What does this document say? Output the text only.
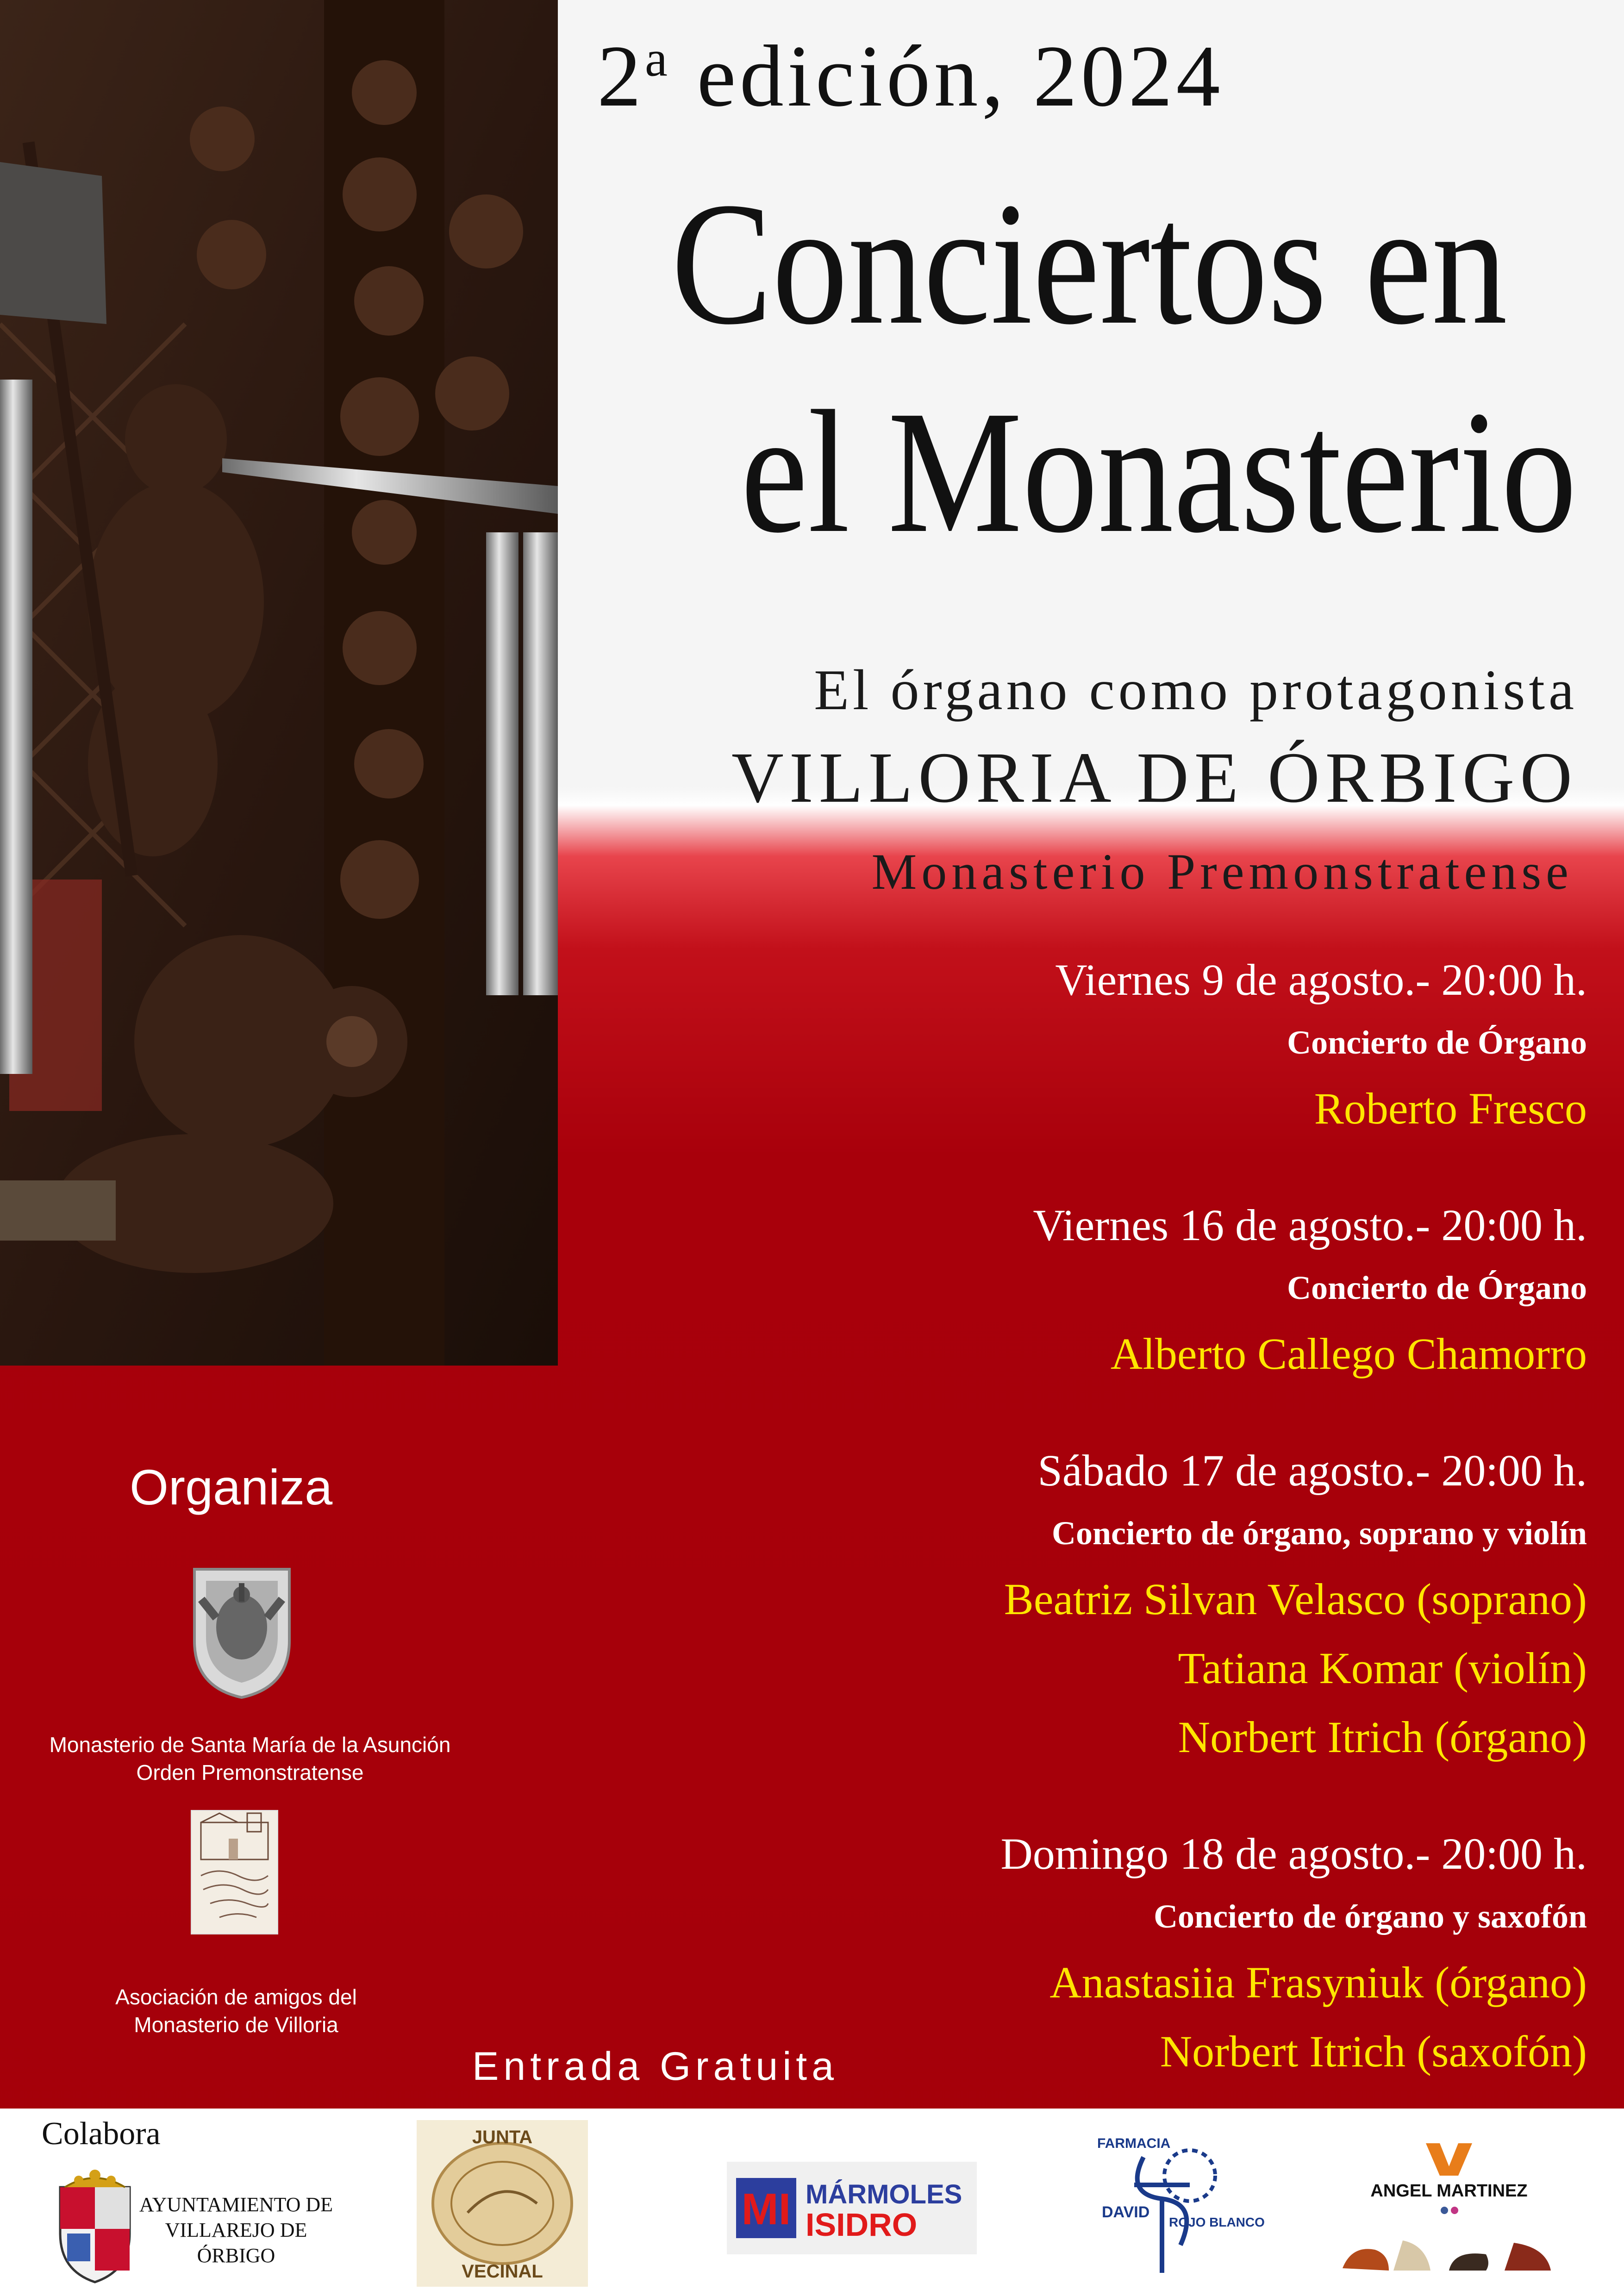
2$^a$ edición, 2024
Conciertos en
el Monasterio
El órgano como protagonista
VILLORIA DE ÓRBIGO
Monasterio Premonstratense
Viernes 9 de agosto.- 20:00 h.
Concierto de Órgano
Roberto Fresco
Viernes 16 de agosto.- 20:00 h.
Concierto de Órgano
Alberto Callego Chamorro
Sábado 17 de agosto.- 20:00 h.
Concierto de órgano, soprano y violín
Beatriz Silvan Velasco (soprano)
Tatiana Komar (violín)
Norbert Itrich (órgano)
Domingo 18 de agosto.- 20:00 h.
Concierto de órgano y saxofón
Anastasiia Frasyniuk (órgano)
Norbert Itrich (saxofón)
Organiza
Monasterio de Santa María de la Asunción
Orden Premonstratense
Asociación de amigos del
Monasterio de Villoria
Entrada Gratuita
Colabora
AYUNTAMIENTO DE
VILLAREJO DE ÓRBIGO
JUNTA
VECINAL
MI MÁRMOLES
ISIDRO
FARMACIA
DAVID
ROJO BLANCO
ANGEL MARTINEZ
